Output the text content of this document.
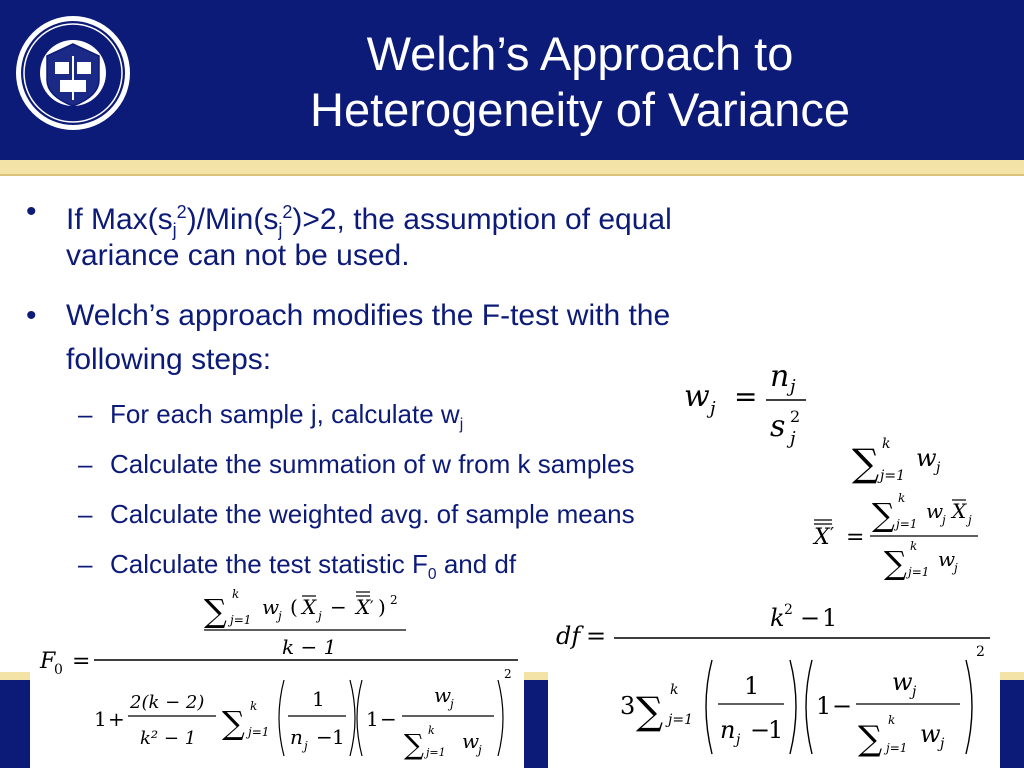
Welch’s Approach to
Heterogeneity of Variance
• If $Max(s_j^2)/Min(s_j^2)>2$, the assumption of equal
variance can not be used.
• Welch’s approach modifies the F-test with the
following steps:
– For each sample j, calculate $w_j$
– Calculate the summation of w from k samples
– Calculate the weighted avg. of sample means
– Calculate the test statistic $F_0$ and df
w j =
n j
s 2
j
∑ k
j=1
w j
X ′ =
∑ k
j=1
w
j X j
∑ k
j=1
w
j
F
0 =
∑ k
j=1
w
j ( X j − X ′ ) 2
k − 1
1 +
2(k − 2)
k² − 1 ∑ k
j=1
1
n j − 1
1 −
w
j
∑ k
j=1 w
j
2
df =
k 2 − 1
3 ∑ k
j=1
1
n j −
1
1 −
w j
∑ k
j=1 w j
2
